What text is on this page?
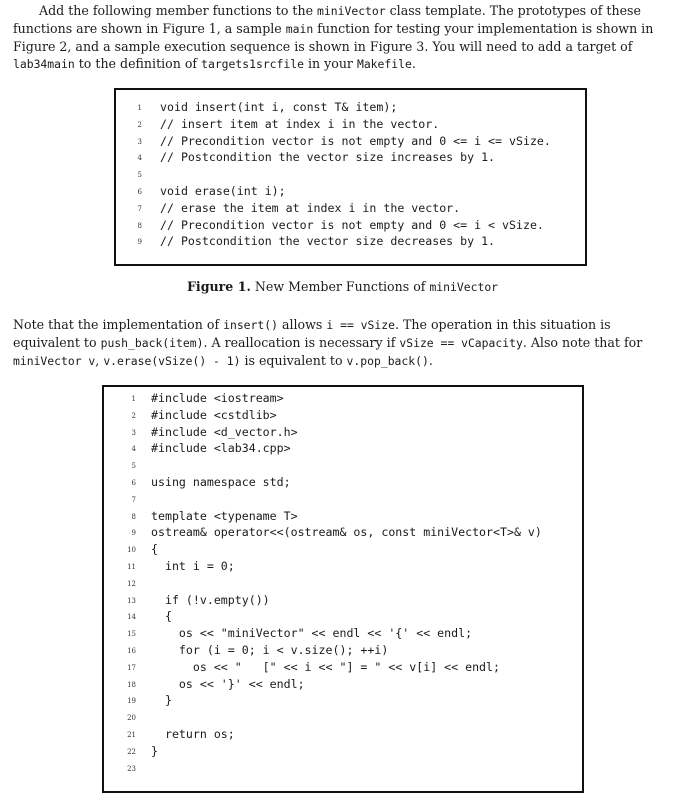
Add the following member functions to the miniVector class template. The prototypes of these functions are shown in Figure 1, a sample main function for testing your implementation is shown in Figure 2, and a sample execution sequence is shown in Figure 3. You will need to add a target of lab34main to the definition of targets1srcfile in your Makefile.

1 void insert(int i, const T& item);
2 // insert item at index i in the vector.
3 // Precondition vector is not empty and 0 <= i <= vSize.
4 // Postcondition the vector size increases by 1.
5
6 void erase(int i);
7 // erase the item at index i in the vector.
8 // Precondition vector is not empty and 0 <= i < vSize.
9 // Postcondition the vector size decreases by 1.
Figure 1. New Member Functions of miniVector

Note that the implementation of insert() allows i == vSize. The operation in this situation is equivalent to push_back(item). A reallocation is necessary if vSize == vCapacity. Also note that for miniVector v, v.erase(vSize() - 1) is equivalent to v.pop_back().

1 #include <iostream>
2 #include <cstdlib>
3 #include <d_vector.h>
4 #include <lab34.cpp>
5
6 using namespace std;
7
8 template <typename T>
9 ostream& operator<<(ostream& os, const miniVector<T>& v)
10 {
11 int i = 0;
12
13 if (!v.empty())
14 {
15 os << "miniVector" << endl << '{' << endl;
16 for (i = 0; i < v.size(); ++i)
17 os << "   [" << i << "] = " << v[i] << endl;
18 os << '}' << endl;
19 }
20
21 return os;
22 }
23
